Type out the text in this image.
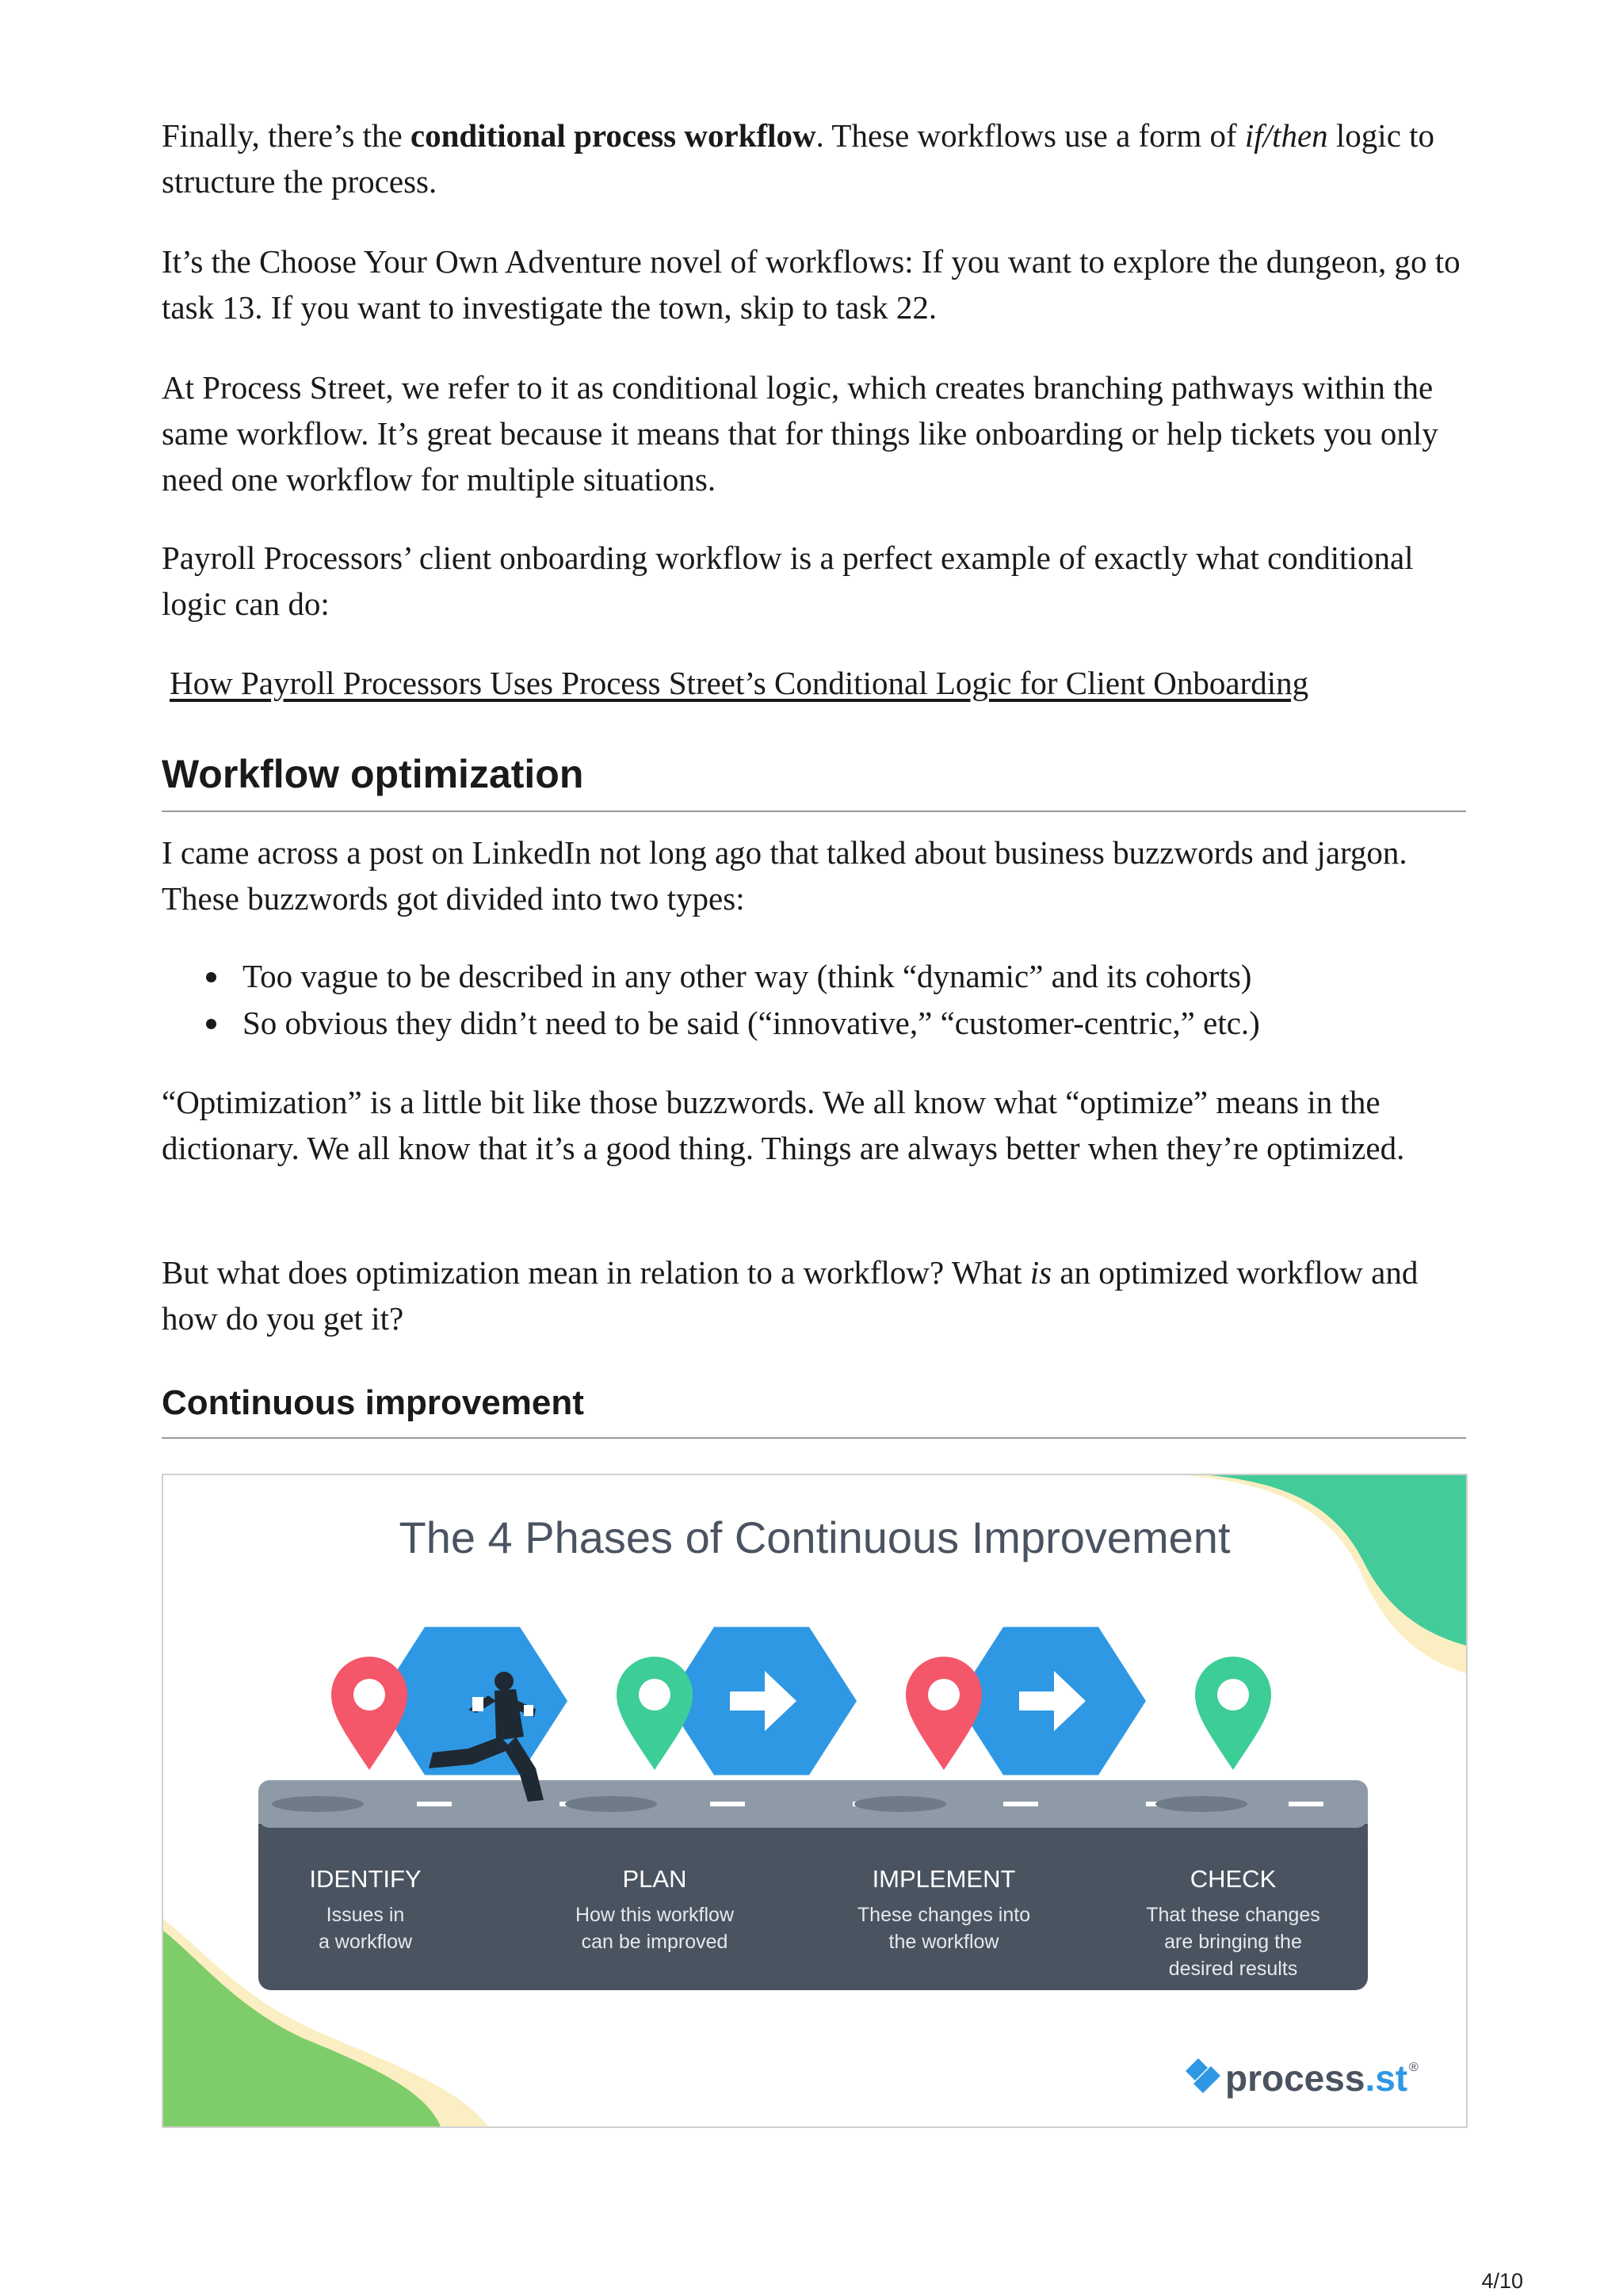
Finally, there’s the conditional process workflow. These workflows use a form of if/then logic to structure the process.

It’s the Choose Your Own Adventure novel of workflows: If you want to explore the dungeon, go to task 13. If you want to investigate the town, skip to task 22.

At Process Street, we refer to it as conditional logic, which creates branching pathways within the same workflow. It’s great because it means that for things like onboarding or help tickets you only need one workflow for multiple situations.

Payroll Processors’ client onboarding workflow is a perfect example of exactly what conditional logic can do:

How Payroll Processors Uses Process Street’s Conditional Logic for Client Onboarding

Workflow optimization

I came across a post on LinkedIn not long ago that talked about business buzzwords and jargon. These buzzwords got divided into two types:

Too vague to be described in any other way (think “dynamic” and its cohorts)
So obvious they didn’t need to be said (“innovative,” “customer-centric,” etc.)

“Optimization” is a little bit like those buzzwords. We all know what “optimize” means in the dictionary. We all know that it’s a good thing. Things are always better when they’re optimized.

But what does optimization mean in relation to a workflow? What is an optimized workflow and how do you get it?

Continuous improvement
The 4 Phases of Continuous Improvement
IDENTIFY
Issues in
a workflow
PLAN
How this workflow
can be improved
IMPLEMENT
These changes into
the workflow
CHECK
That these changes
are bringing the
desired results
process.st ®
4/10
